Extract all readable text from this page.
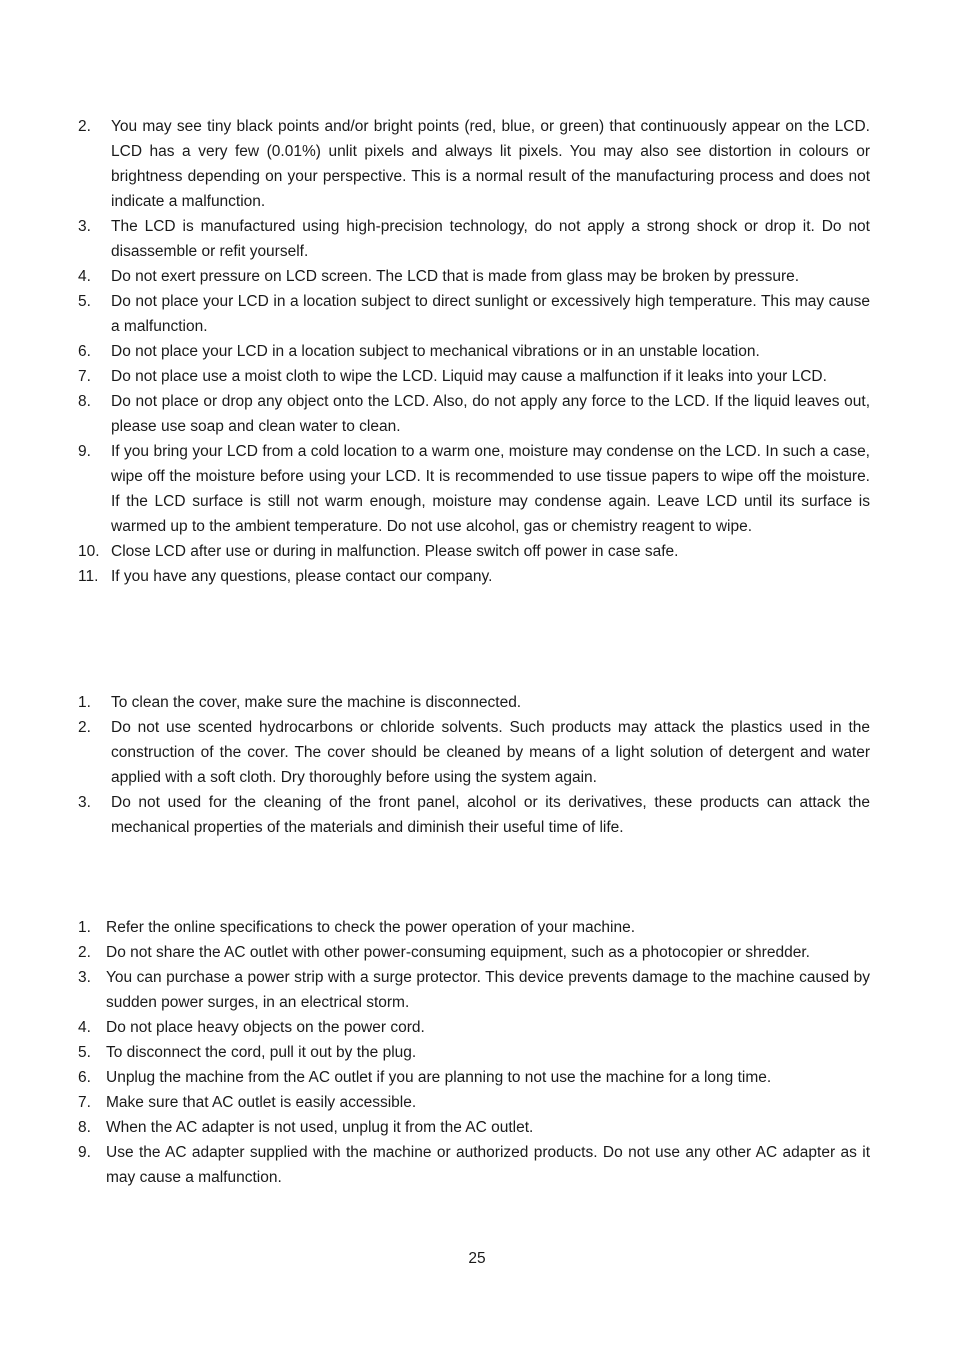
2. You may see tiny black points and/or bright points (red, blue, or green) that continuously appear on the LCD. LCD has a very few (0.01%) unlit pixels and always lit pixels. You may also see distortion in colours or brightness depending on your perspective. This is a normal result of the manufacturing process and does not indicate a malfunction.
3. The LCD is manufactured using high-precision technology, do not apply a strong shock or drop it. Do not disassemble or refit yourself.
4. Do not exert pressure on LCD screen. The LCD that is made from glass may be broken by pressure.
5. Do not place your LCD in a location subject to direct sunlight or excessively high temperature. This may cause a malfunction.
6. Do not place your LCD in a location subject to mechanical vibrations or in an unstable location.
7. Do not place use a moist cloth to wipe the LCD. Liquid may cause a malfunction if it leaks into your LCD.
8. Do not place or drop any object onto the LCD. Also, do not apply any force to the LCD. If the liquid leaves out, please use soap and clean water to clean.
9. If you bring your LCD from a cold location to a warm one, moisture may condense on the LCD. In such a case, wipe off the moisture before using your LCD. It is recommended to use tissue papers to wipe off the moisture. If the LCD surface is still not warm enough, moisture may condense again. Leave LCD until its surface is warmed up to the ambient temperature. Do not use alcohol, gas or chemistry reagent to wipe.
10. Close LCD after use or during in malfunction. Please switch off power in case safe.
11. If you have any questions, please contact our company.
1. To clean the cover, make sure the machine is disconnected.
2. Do not use scented hydrocarbons or chloride solvents. Such products may attack the plastics used in the construction of the cover. The cover should be cleaned by means of a light solution of detergent and water applied with a soft cloth. Dry thoroughly before using the system again.
3. Do not used for the cleaning of the front panel, alcohol or its derivatives, these products can attack the mechanical properties of the materials and diminish their useful time of life.
1. Refer the online specifications to check the power operation of your machine.
2. Do not share the AC outlet with other power-consuming equipment, such as a photocopier or shredder.
3. You can purchase a power strip with a surge protector. This device prevents damage to the machine caused by sudden power surges, in an electrical storm.
4. Do not place heavy objects on the power cord.
5. To disconnect the cord, pull it out by the plug.
6. Unplug the machine from the AC outlet if you are planning to not use the machine for a long time.
7. Make sure that AC outlet is easily accessible.
8. When the AC adapter is not used, unplug it from the AC outlet.
9. Use the AC adapter supplied with the machine or authorized products. Do not use any other AC adapter as it may cause a malfunction.
25
